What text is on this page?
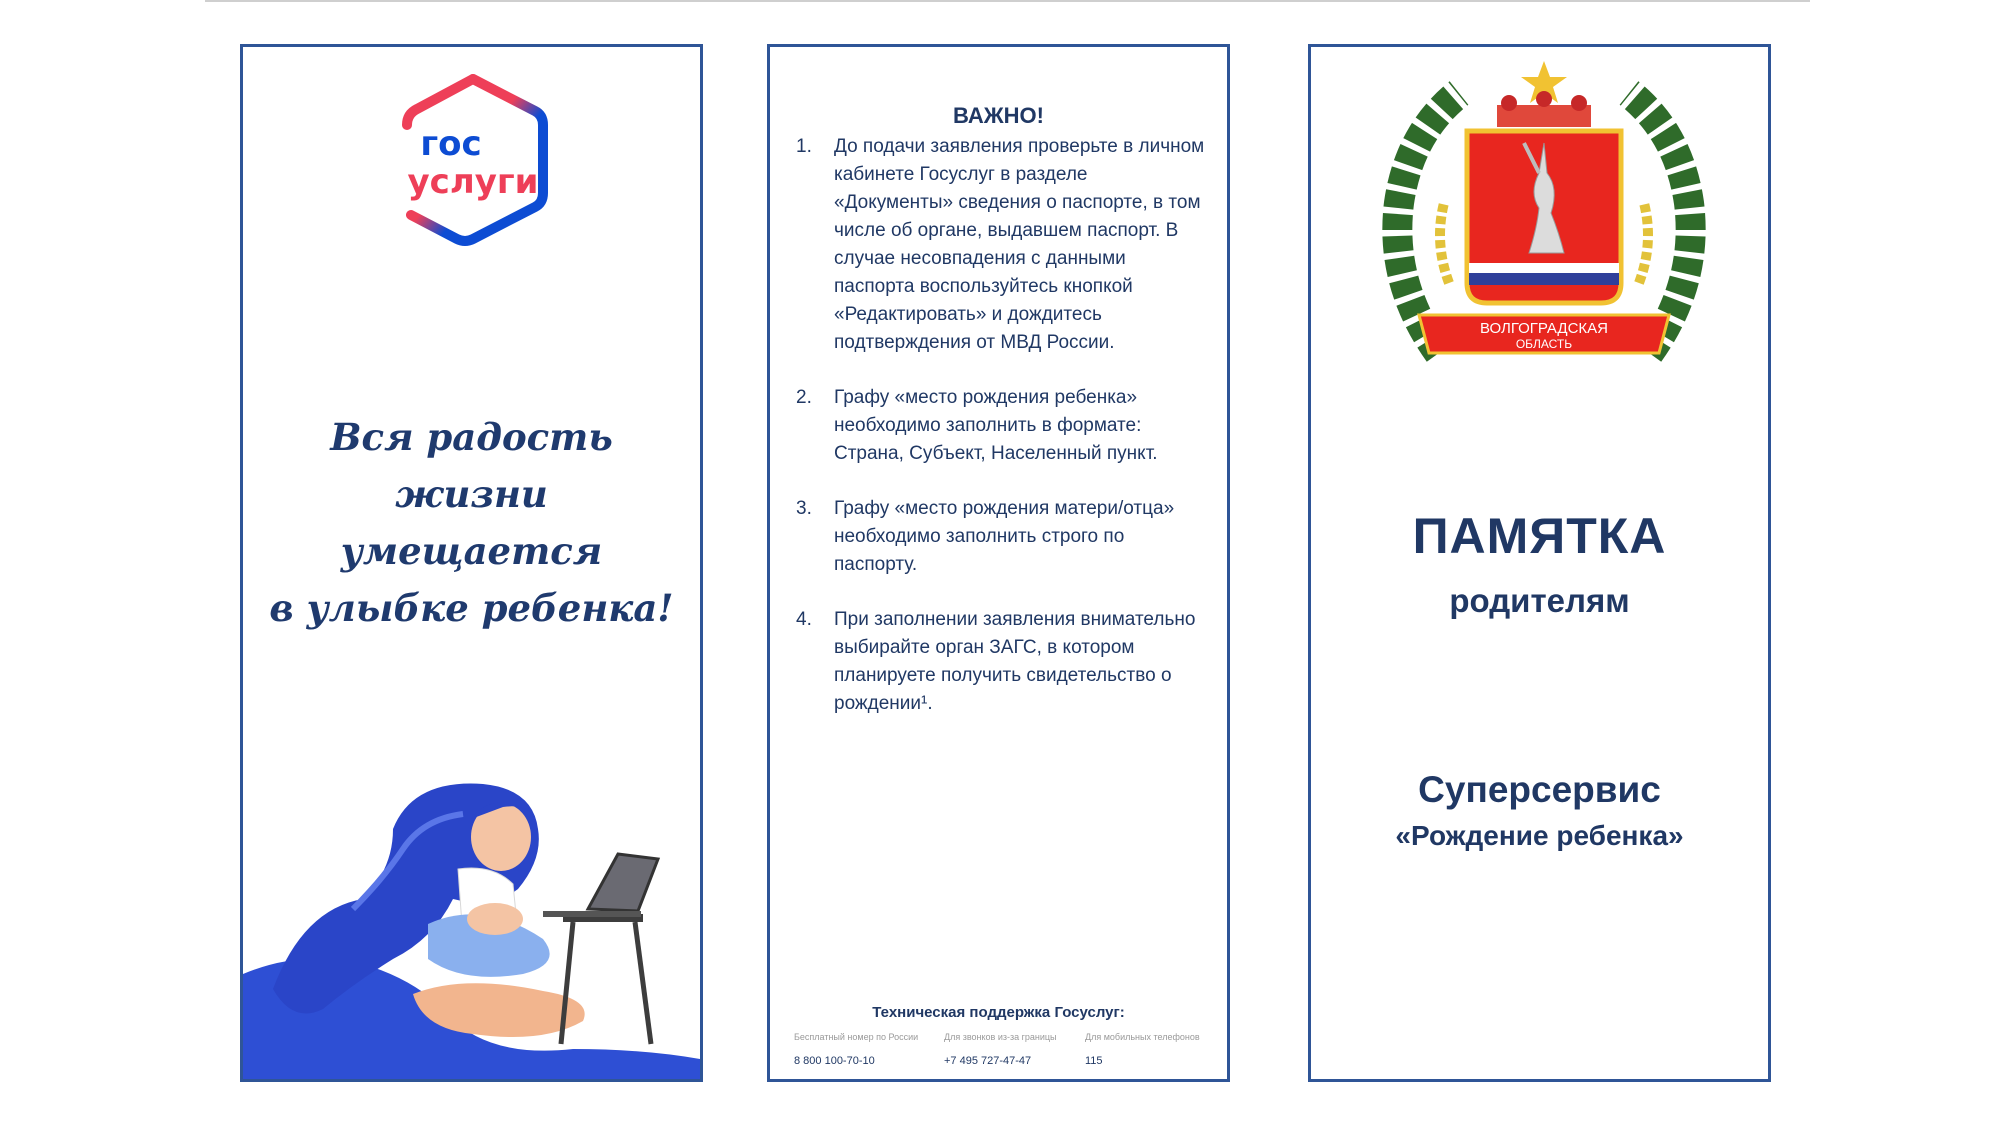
гос
услуги
Вся радость
жизни умещается
в улыбке ребенка!
ВАЖНО!
1. До подачи заявления проверьте в личном кабинете Госуслуг в разделе «Документы» сведения о паспорте, в том числе об органе, выдавшем паспорт. В случае несовпадения с данными паспорта воспользуйтесь кнопкой «Редактировать» и дождитесь подтверждения от МВД России.
2. Графу «место рождения ребенка» необходимо заполнить в формате: Страна, Субъект, Населенный пункт.
3. Графу «место рождения матери/отца» необходимо заполнить строго по паспорту.
4. При заполнении заявления внимательно выбирайте орган ЗАГС, в котором планируете получить свидетельство о рождении¹.
Техническая поддержка Госуслуг:
Бесплатный номер по России
8 800 100-70-10
Для звонков из-за границы
+7 495 727-47-47
Для мобильных телефонов
115
ВОЛГОГРАДСКАЯ
ОБЛАСТЬ
ПАМЯТКА
родителям
Суперсервис
«Рождение ребенка»
